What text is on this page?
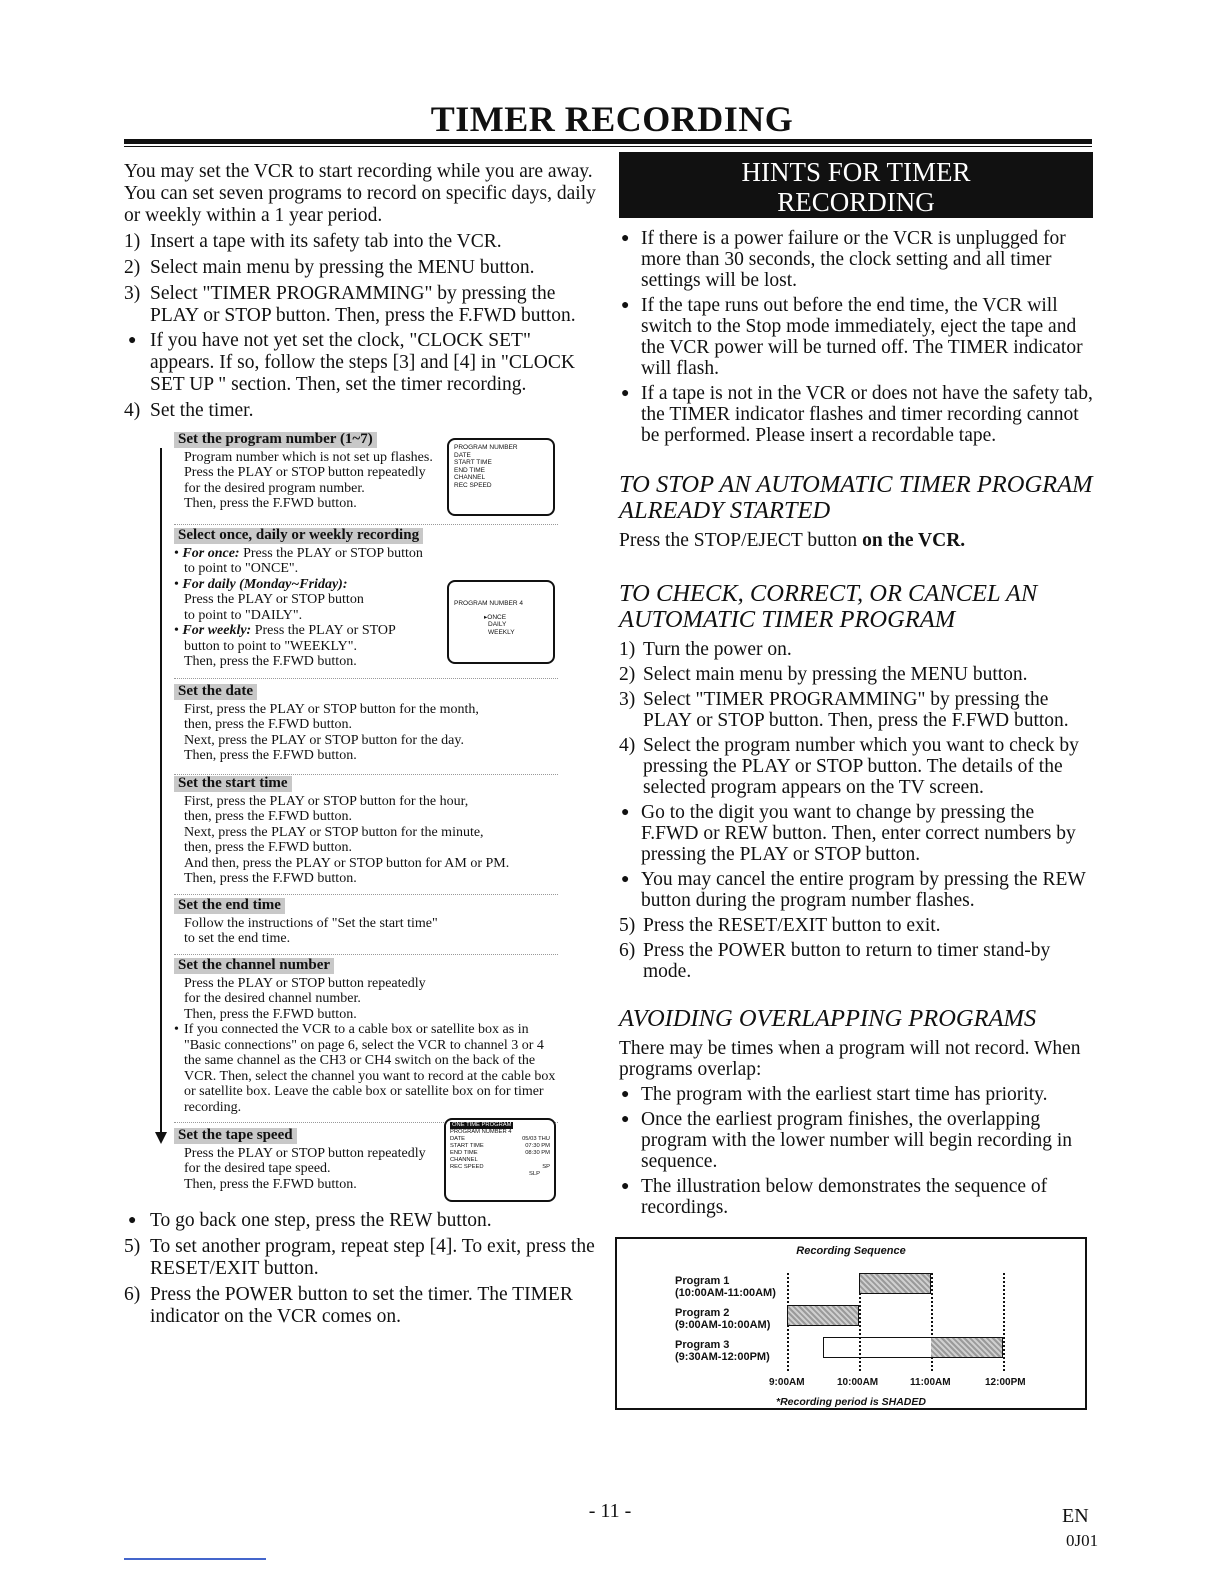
TIMER RECORDING

You may set the VCR to start recording while you are away. You can set seven programs to record on specific days, daily or weekly within a 1 year period.

1) Insert a tape with its safety tab into the VCR.
2) Select main menu by pressing the MENU button.
3) Select "TIMER PROGRAMMING" by pressing the PLAY or STOP button. Then, press the F.FWD button.
● If you have not yet set the clock, "CLOCK SET" appears. If so, follow the steps [3] and [4] in "CLOCK SET UP " section. Then, set the timer recording.
4) Set the timer.
Set the program number (1~7)

Program number which is not set up flashes.

Press the PLAY or STOP button repeatedly

for the desired program number.

Then, press the F.FWD button.

PROGRAM NUMBER
DATE
START TIME
END TIME
CHANNEL
REC SPEED
Select once, daily or weekly recording

• For once: Press the PLAY or STOP button

to point to "ONCE".

• For daily (Monday~Friday):

Press the PLAY or STOP button

to point to "DAILY".

• For weekly: Press the PLAY or STOP

button to point to "WEEKLY".

Then, press the F.FWD button.

PROGRAM NUMBER 4
▸ONCE
DAILY
WEEKLY
Set the date

First, press the PLAY or STOP button for the month,

then, press the F.FWD button.

Next, press the PLAY or STOP button for the day.

Then, press the F.FWD button.

Set the start time

First, press the PLAY or STOP button for the hour,

then, press the F.FWD button.

Next, press the PLAY or STOP button for the minute,

then, press the F.FWD button.

And then, press the PLAY or STOP button for AM or PM.

Then, press the F.FWD button.

Set the end time

Follow the instructions of "Set the start time"

to set the end time.

Set the channel number

Press the PLAY or STOP button repeatedly

for the desired channel number.

Then, press the F.FWD button.

• If you connected the VCR to a cable box or satellite box as in "Basic connections" on page 6, select the VCR to channel 3 or 4 the same channel as the CH3 or CH4 switch on the back of the VCR. Then, select the channel you want to record at the cable box or satellite box. Leave the cable box or satellite box on for timer recording.

Set the tape speed

Press the PLAY or STOP button repeatedly

for the desired tape speed.

Then, press the F.FWD button.

ONE TIME PROGRAM
PROGRAM NUMBER 4
DATE	05/03 THU
START TIME	07:30 PM
END TIME	08:30 PM
CHANNEL
REC SPEED	SP
SLP
● To go back one step, press the REW button.
5) To set another program, repeat step [4]. To exit, press the RESET/EXIT button.
6) Press the POWER button to set the timer. The TIMER indicator on the VCR comes on.
HINTS FOR TIMER
RECORDING
● If there is a power failure or the VCR is unplugged for more than 30 seconds, the clock setting and all timer settings will be lost.
● If the tape runs out before the end time, the VCR will switch to the Stop mode immediately, eject the tape and the VCR power will be turned off. The TIMER indicator will flash.
● If a tape is not in the VCR or does not have the safety tab, the TIMER indicator flashes and timer recording cannot be performed. Please insert a recordable tape.
TO STOP AN AUTOMATIC TIMER PROGRAM ALREADY STARTED

Press the STOP/EJECT button on the VCR.

TO CHECK, CORRECT, OR CANCEL AN AUTOMATIC TIMER PROGRAM
1) Turn the power on.
2) Select main menu by pressing the MENU button.
3) Select "TIMER PROGRAMMING" by pressing the PLAY or STOP button. Then, press the F.FWD button.
4) Select the program number which you want to check by pressing the PLAY or STOP button. The details of the selected program appears on the TV screen.
● Go to the digit you want to change by pressing the F.FWD or REW button. Then, enter correct numbers by pressing the PLAY or STOP button.
● You may cancel the entire program by pressing the REW button during the program number flashes.
5) Press the RESET/EXIT button to exit.
6) Press the POWER button to return to timer stand-by mode.
AVOIDING OVERLAPPING PROGRAMS

There may be times when a program will not record. When programs overlap:

● The program with the earliest start time has priority.
● Once the earliest program finishes, the overlapping program with the lower number will begin recording in sequence.
● The illustration below demonstrates the sequence of recordings.
Recording Sequence
Program 1
(10:00AM-11:00AM)
Program 2
(9:00AM-10:00AM)
Program 3
(9:30AM-12:00PM)
9:00AM	10:00AM	11:00AM	12:00PM
*Recording period is SHADED
- 11 -	EN
0J01
